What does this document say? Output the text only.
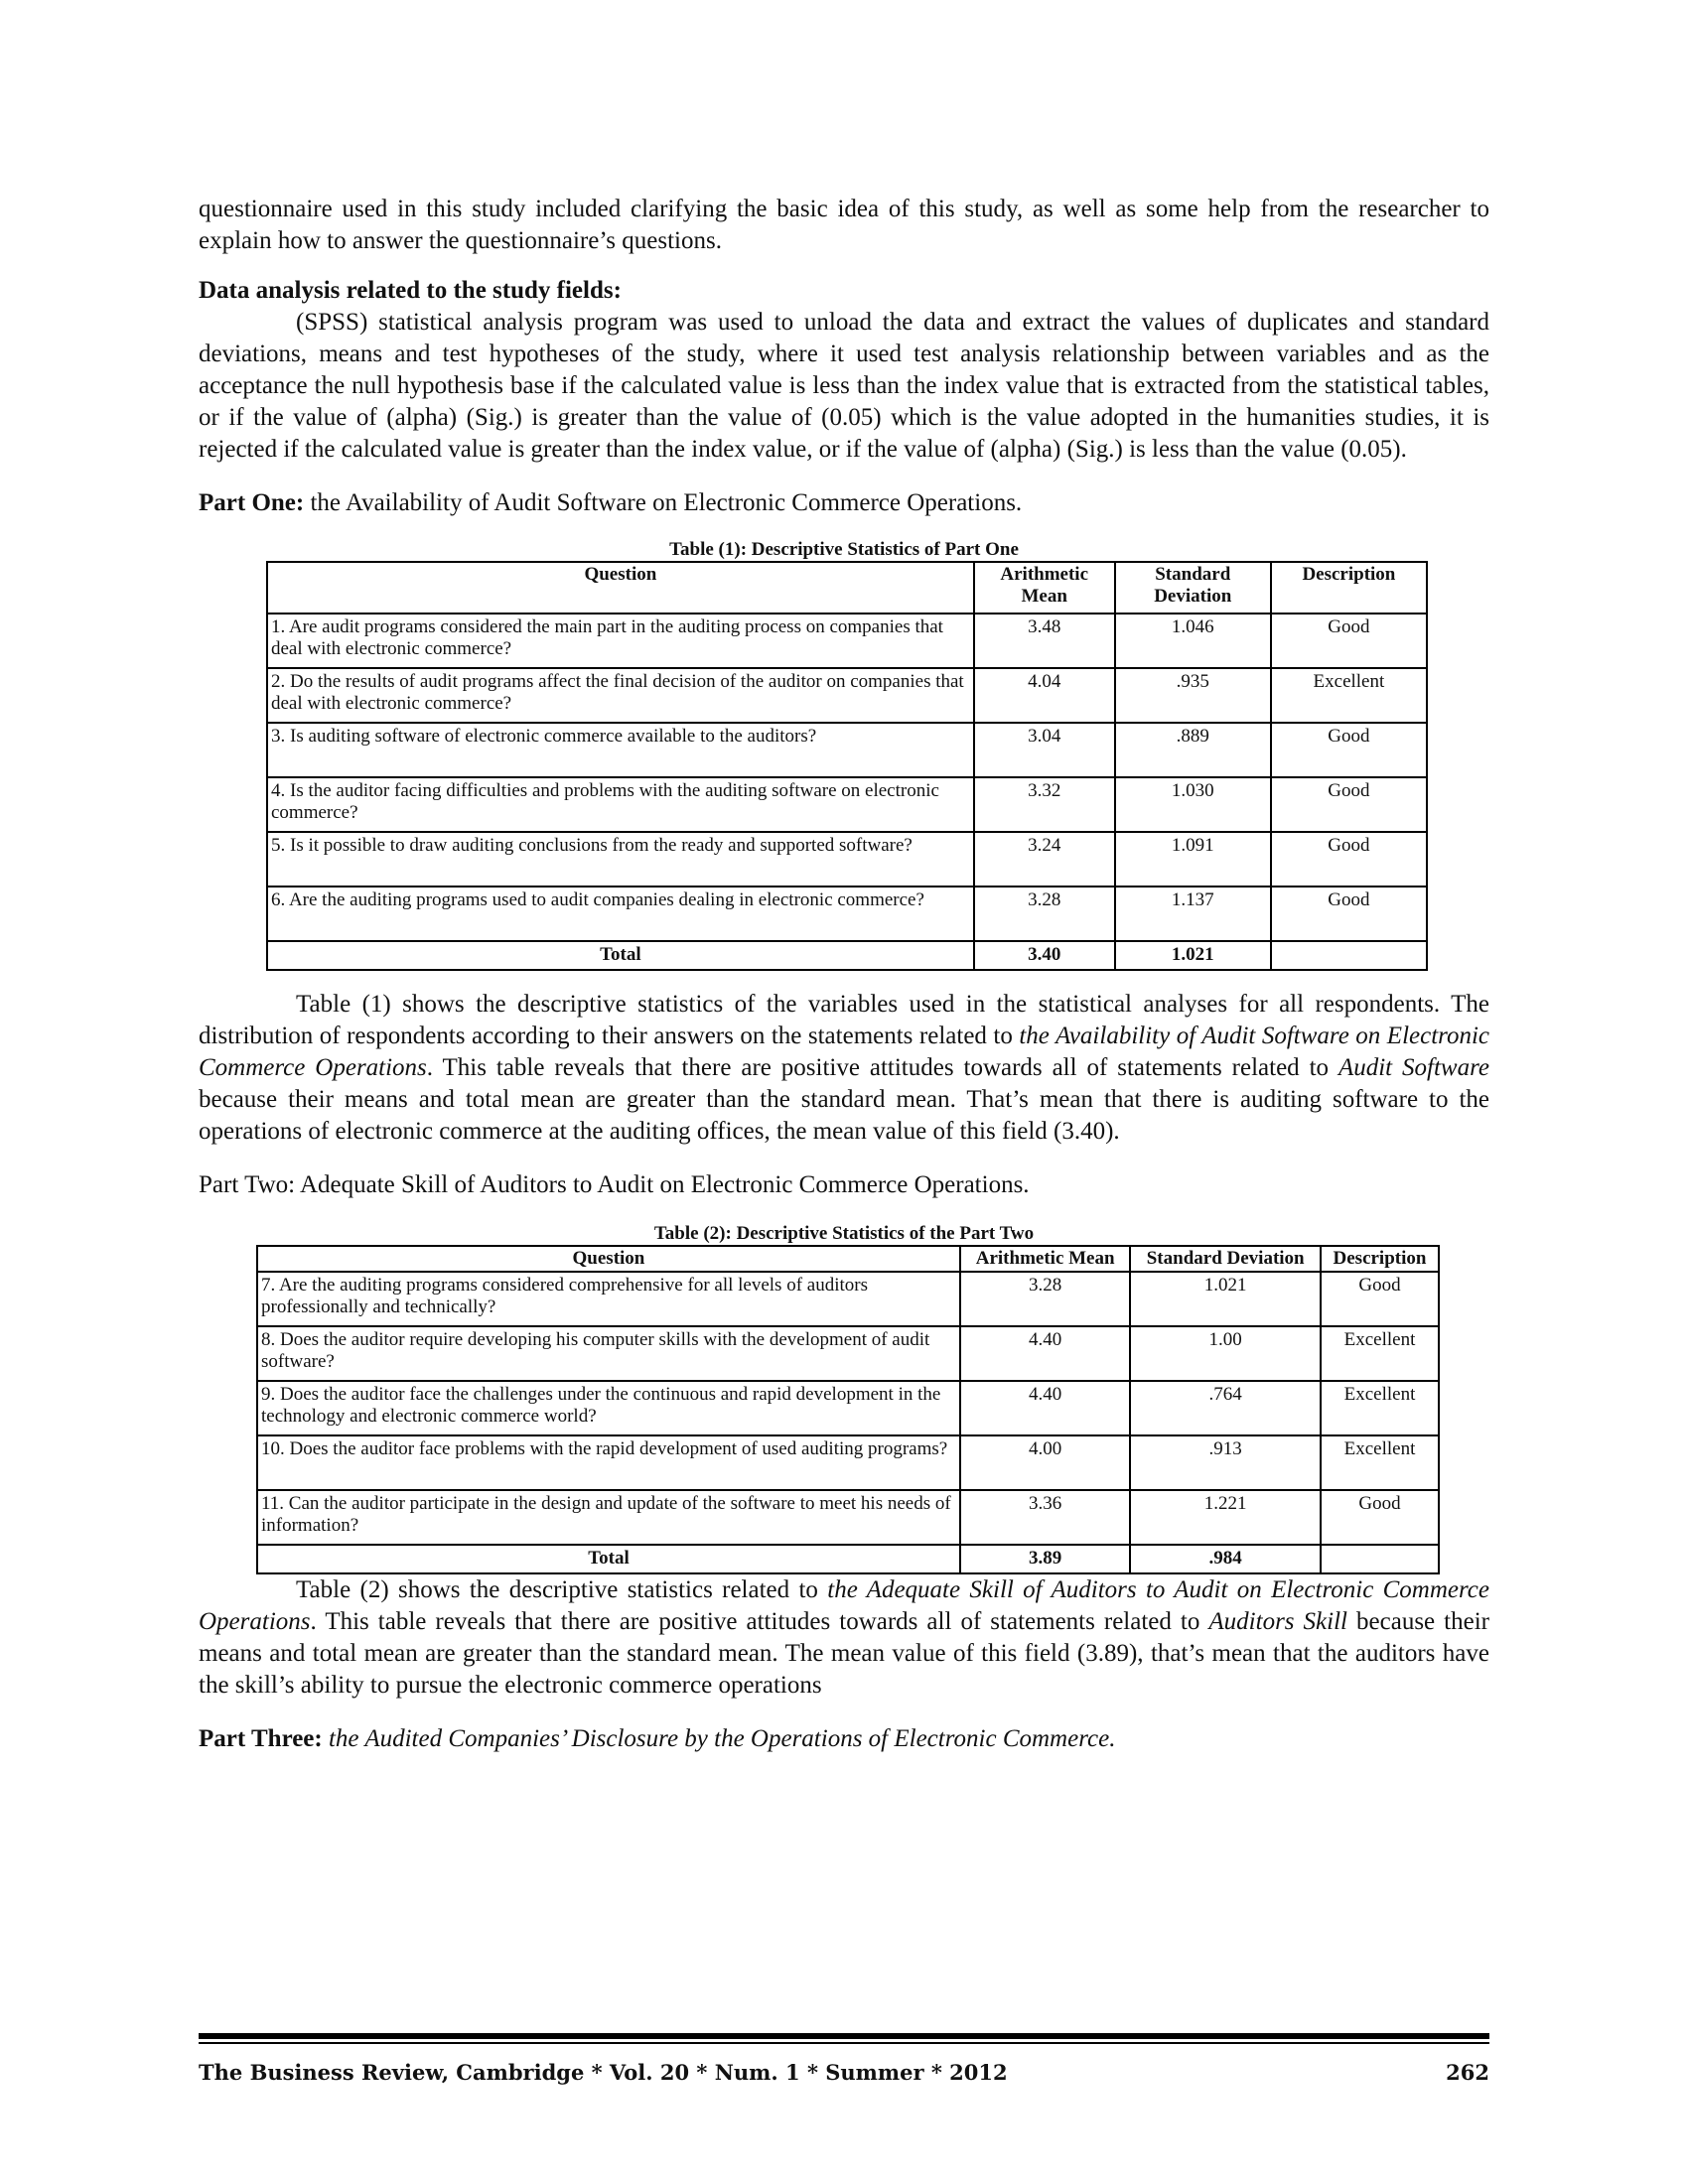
questionnaire used in this study included clarifying the basic idea of this study, as well as some help from the researcher to explain how to answer the questionnaire’s questions.

Data analysis related to the study fields:

(SPSS) statistical analysis program was used to unload the data and extract the values of duplicates and standard deviations, means and test hypotheses of the study, where it used test analysis relationship between variables and as the acceptance the null hypothesis base if the calculated value is less than the index value that is extracted from the statistical tables, or if the value of (alpha) (Sig.) is greater than the value of (0.05) which is the value adopted in the humanities studies, it is rejected if the calculated value is greater than the index value, or if the value of (alpha) (Sig.) is less than the value (0.05).

Part One: the Availability of Audit Software on Electronic Commerce Operations.
Table (1): Descriptive Statistics of Part One
Question	Arithmetic Mean	Standard Deviation	Description
1. Are audit programs considered the main part in the auditing process on companies that deal with electronic commerce?	3.48	1.046	Good
2. Do the results of audit programs affect the final decision of the auditor on companies that deal with electronic commerce?	4.04	.935	Excellent
3. Is auditing software of electronic commerce available to the auditors?	3.04	.889	Good
4. Is the auditor facing difficulties and problems with the auditing software on electronic commerce?	3.32	1.030	Good
5. Is it possible to draw auditing conclusions from the ready and supported software?	3.24	1.091	Good
6. Are the auditing programs used to audit companies dealing in electronic commerce?	3.28	1.137	Good
Total	3.40	1.021	

Table (1) shows the descriptive statistics of the variables used in the statistical analyses for all respondents. The distribution of respondents according to their answers on the statements related to the Availability of Audit Software on Electronic Commerce Operations. This table reveals that there are positive attitudes towards all of statements related to Audit Software because their means and total mean are greater than the standard mean. That’s mean that there is auditing software to the operations of electronic commerce at the auditing offices, the mean value of this field (3.40).

Part Two: Adequate Skill of Auditors to Audit on Electronic Commerce Operations.
Table (2): Descriptive Statistics of the Part Two
Question	Arithmetic Mean	Standard Deviation	Description
7. Are the auditing programs considered comprehensive for all levels of auditors professionally and technically?	3.28	1.021	Good
8. Does the auditor require developing his computer skills with the development of audit software?	4.40	1.00	Excellent
9. Does the auditor face the challenges under the continuous and rapid development in the technology and electronic commerce world?	4.40	.764	Excellent
10. Does the auditor face problems with the rapid development of used auditing programs?	4.00	.913	Excellent
11. Can the auditor participate in the design and update of the software to meet his needs of information?	3.36	1.221	Good
Total	3.89	.984	

Table (2) shows the descriptive statistics related to the Adequate Skill of Auditors to Audit on Electronic Commerce Operations. This table reveals that there are positive attitudes towards all of statements related to Auditors Skill because their means and total mean are greater than the standard mean. The mean value of this field (3.89), that’s mean that the auditors have the skill’s ability to pursue the electronic commerce operations

Part Three: the Audited Companies’ Disclosure by the Operations of Electronic Commerce.
The Business Review, Cambridge * Vol. 20 * Num. 1 * Summer * 2012	262
